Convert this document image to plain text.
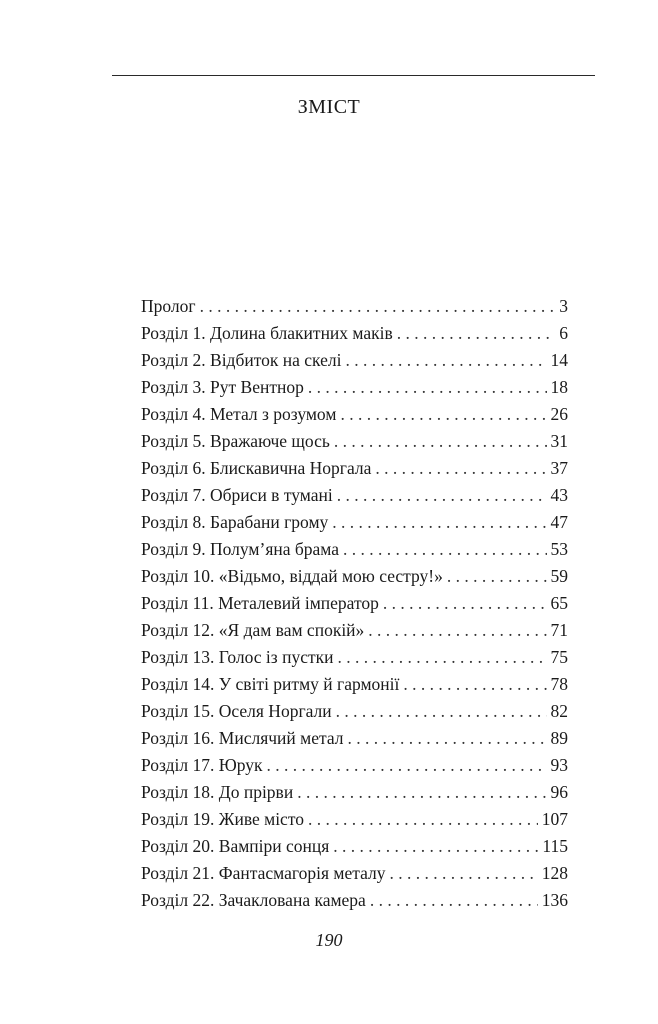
ЗМІСТ
Пролог . . .	3
Розділ 1. Долина блакитних маків . . .	6
Розділ 2. Відбиток на скелі . . .	14
Розділ 3. Рут Вентнор . . .	18
Розділ 4. Метал з розумом . . .	26
Розділ 5. Вражаюче щось . . .	31
Розділ 6. Блискавична Норгала . . .	37
Розділ 7. Обриси в тумані . . .	43
Розділ 8. Барабани грому . . .	47
Розділ 9. Полум’яна брама . . .	53
Розділ 10. «Відьмо, віддай мою сестру!» . . .	59
Розділ 11. Металевий імператор . . .	65
Розділ 12. «Я дам вам спокій» . . .	71
Розділ 13. Голос із пустки . . .	75
Розділ 14. У світі ритму й гармонії . . .	78
Розділ 15. Оселя Норгали . . .	82
Розділ 16. Мислячий метал . . .	89
Розділ 17. Юрук . . .	93
Розділ 18. До прірви . . .	96
Розділ 19. Живе місто . . .	107
Розділ 20. Вампіри сонця . . .	115
Розділ 21. Фантасмагорія металу . . .	128
Розділ 22. Зачаклована камера . . .	136
190
